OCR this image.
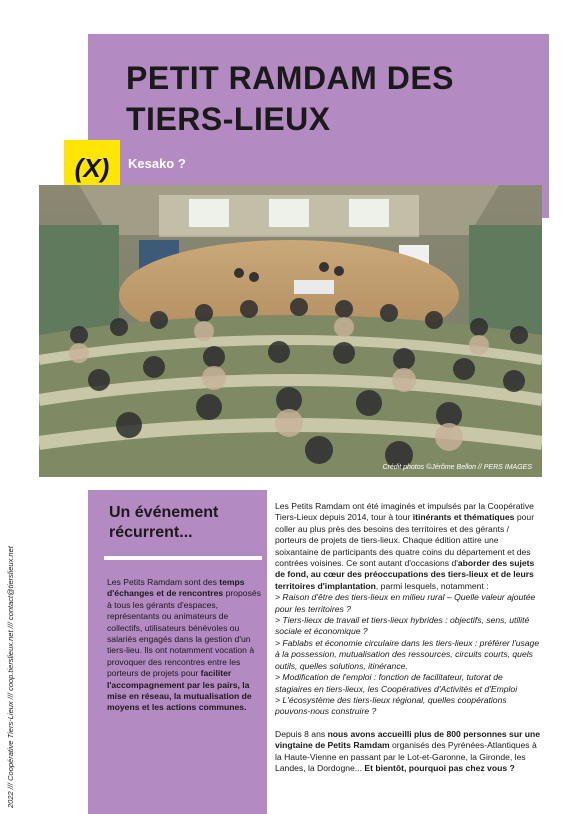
PETIT RAMDAM DES TIERS-LIEUX
(X) Kesako ?
Crédit photos ©Jérôme Bellon // PERS IMAGES
2022 /// Coopérative Tiers-Lieux /// coop.tierslieux.net /// contact@tierslieux.net
Un événement récurrent...
Les Petits Ramdam sont des temps d'échanges et de rencontres proposés à tous les gérants d'espaces, représentants ou animateurs de collectifs, utilisateurs bénévoles ou salariés engagés dans la gestion d'un tiers-lieu. Ils ont notamment vocation à provoquer des rencontres entre les porteurs de projets pour faciliter l'accompagnement par les pairs, la mise en réseau, la mutualisation de moyens et les actions communes.

Les Petits Ramdam ont été imaginés et impulsés par la Coopérative Tiers-Lieux depuis 2014, tour à tour itinérants et thématiques pour coller au plus près des besoins des territoires et des gérants / porteurs de projets de tiers-lieux. Chaque édition attire une soixantaine de participants des quatre coins du département et des contrées voisines. Ce sont autant d'occasions d'aborder des sujets de fond, au cœur des préoccupations des tiers-lieux et de leurs territoires d'implantation, parmi lesquels, notamment :

> Raison d'être des tiers-lieux en milieu rural – Quelle valeur ajoutée pour les territoires ?

> Tiers-lieux de travail et tiers-lieux hybrides : objectifs, sens, utilité sociale et économique ?

> Fablabs et économie circulaire dans les tiers-lieux : préférer l'usage à la possession, mutualisation des ressources, circuits courts, quels outils, quelles solutions, itinérance.

> Modification de l'emploi : fonction de facilitateur, tutorat de stagiaires en tiers-lieux, les Coopératives d'Activités et d'Emploi

> L'écosystème des tiers-lieux régional, quelles coopérations pouvons-nous construire ?

Depuis 8 ans nous avons accueilli plus de 800 personnes sur une vingtaine de Petits Ramdam organisés des Pyrénées-Atlantiques à la Haute-Vienne en passant par le Lot-et-Garonne, la Gironde, les Landes, la Dordogne... Et bientôt, pourquoi pas chez vous ?
